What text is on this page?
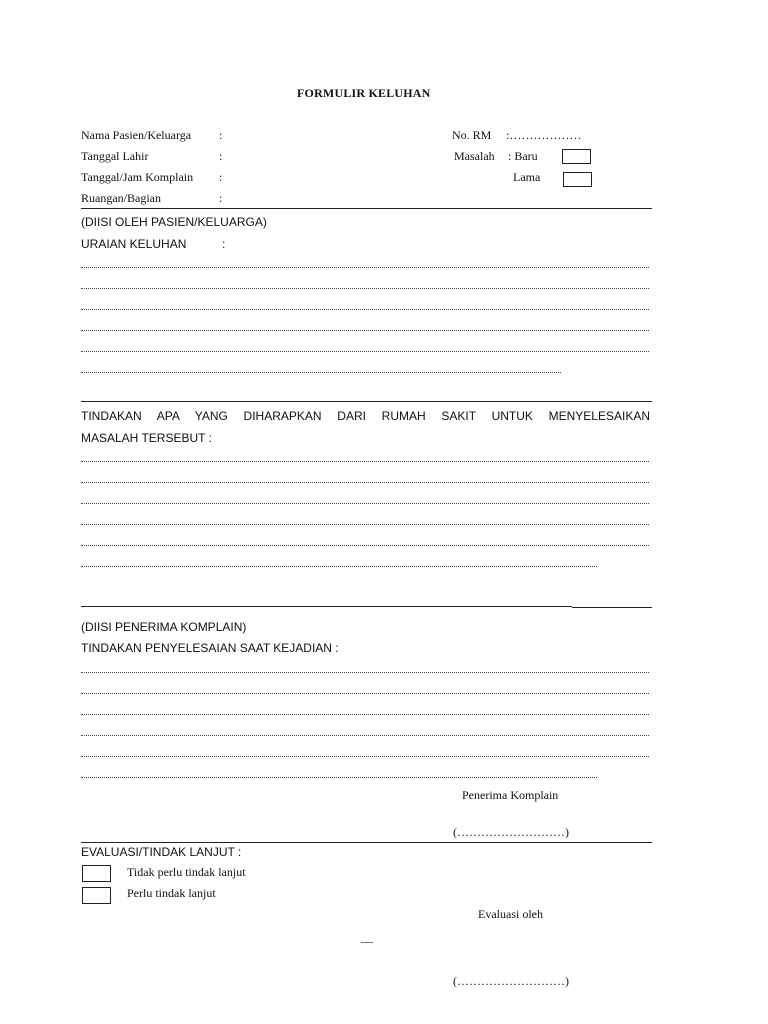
FORMULIR KELUHAN
Nama Pasien/Keluarga :
Tanggal Lahir	:
Tanggal/Jam Komplain :
Ruangan/Bagian	:
No. RM :………………
Masalah : Baru
Lama
(DIISI OLEH PASIEN/KELUARGA)
URAIAN KELUHAN	:
TINDAKAN APA YANG DIHARAPKAN DARI RUMAH SAKIT UNTUK MENYELESAIKAN
MASALAH TERSEBUT :
(DIISI PENERIMA KOMPLAIN)
TINDAKAN PENYELESAIAN SAAT KEJADIAN :
Penerima Komplain
(………………………)
EVALUASI/TINDAK LANJUT :
Tidak perlu tindak lanjut
Perlu tindak lanjut
Evaluasi oleh
—
(………………………)
